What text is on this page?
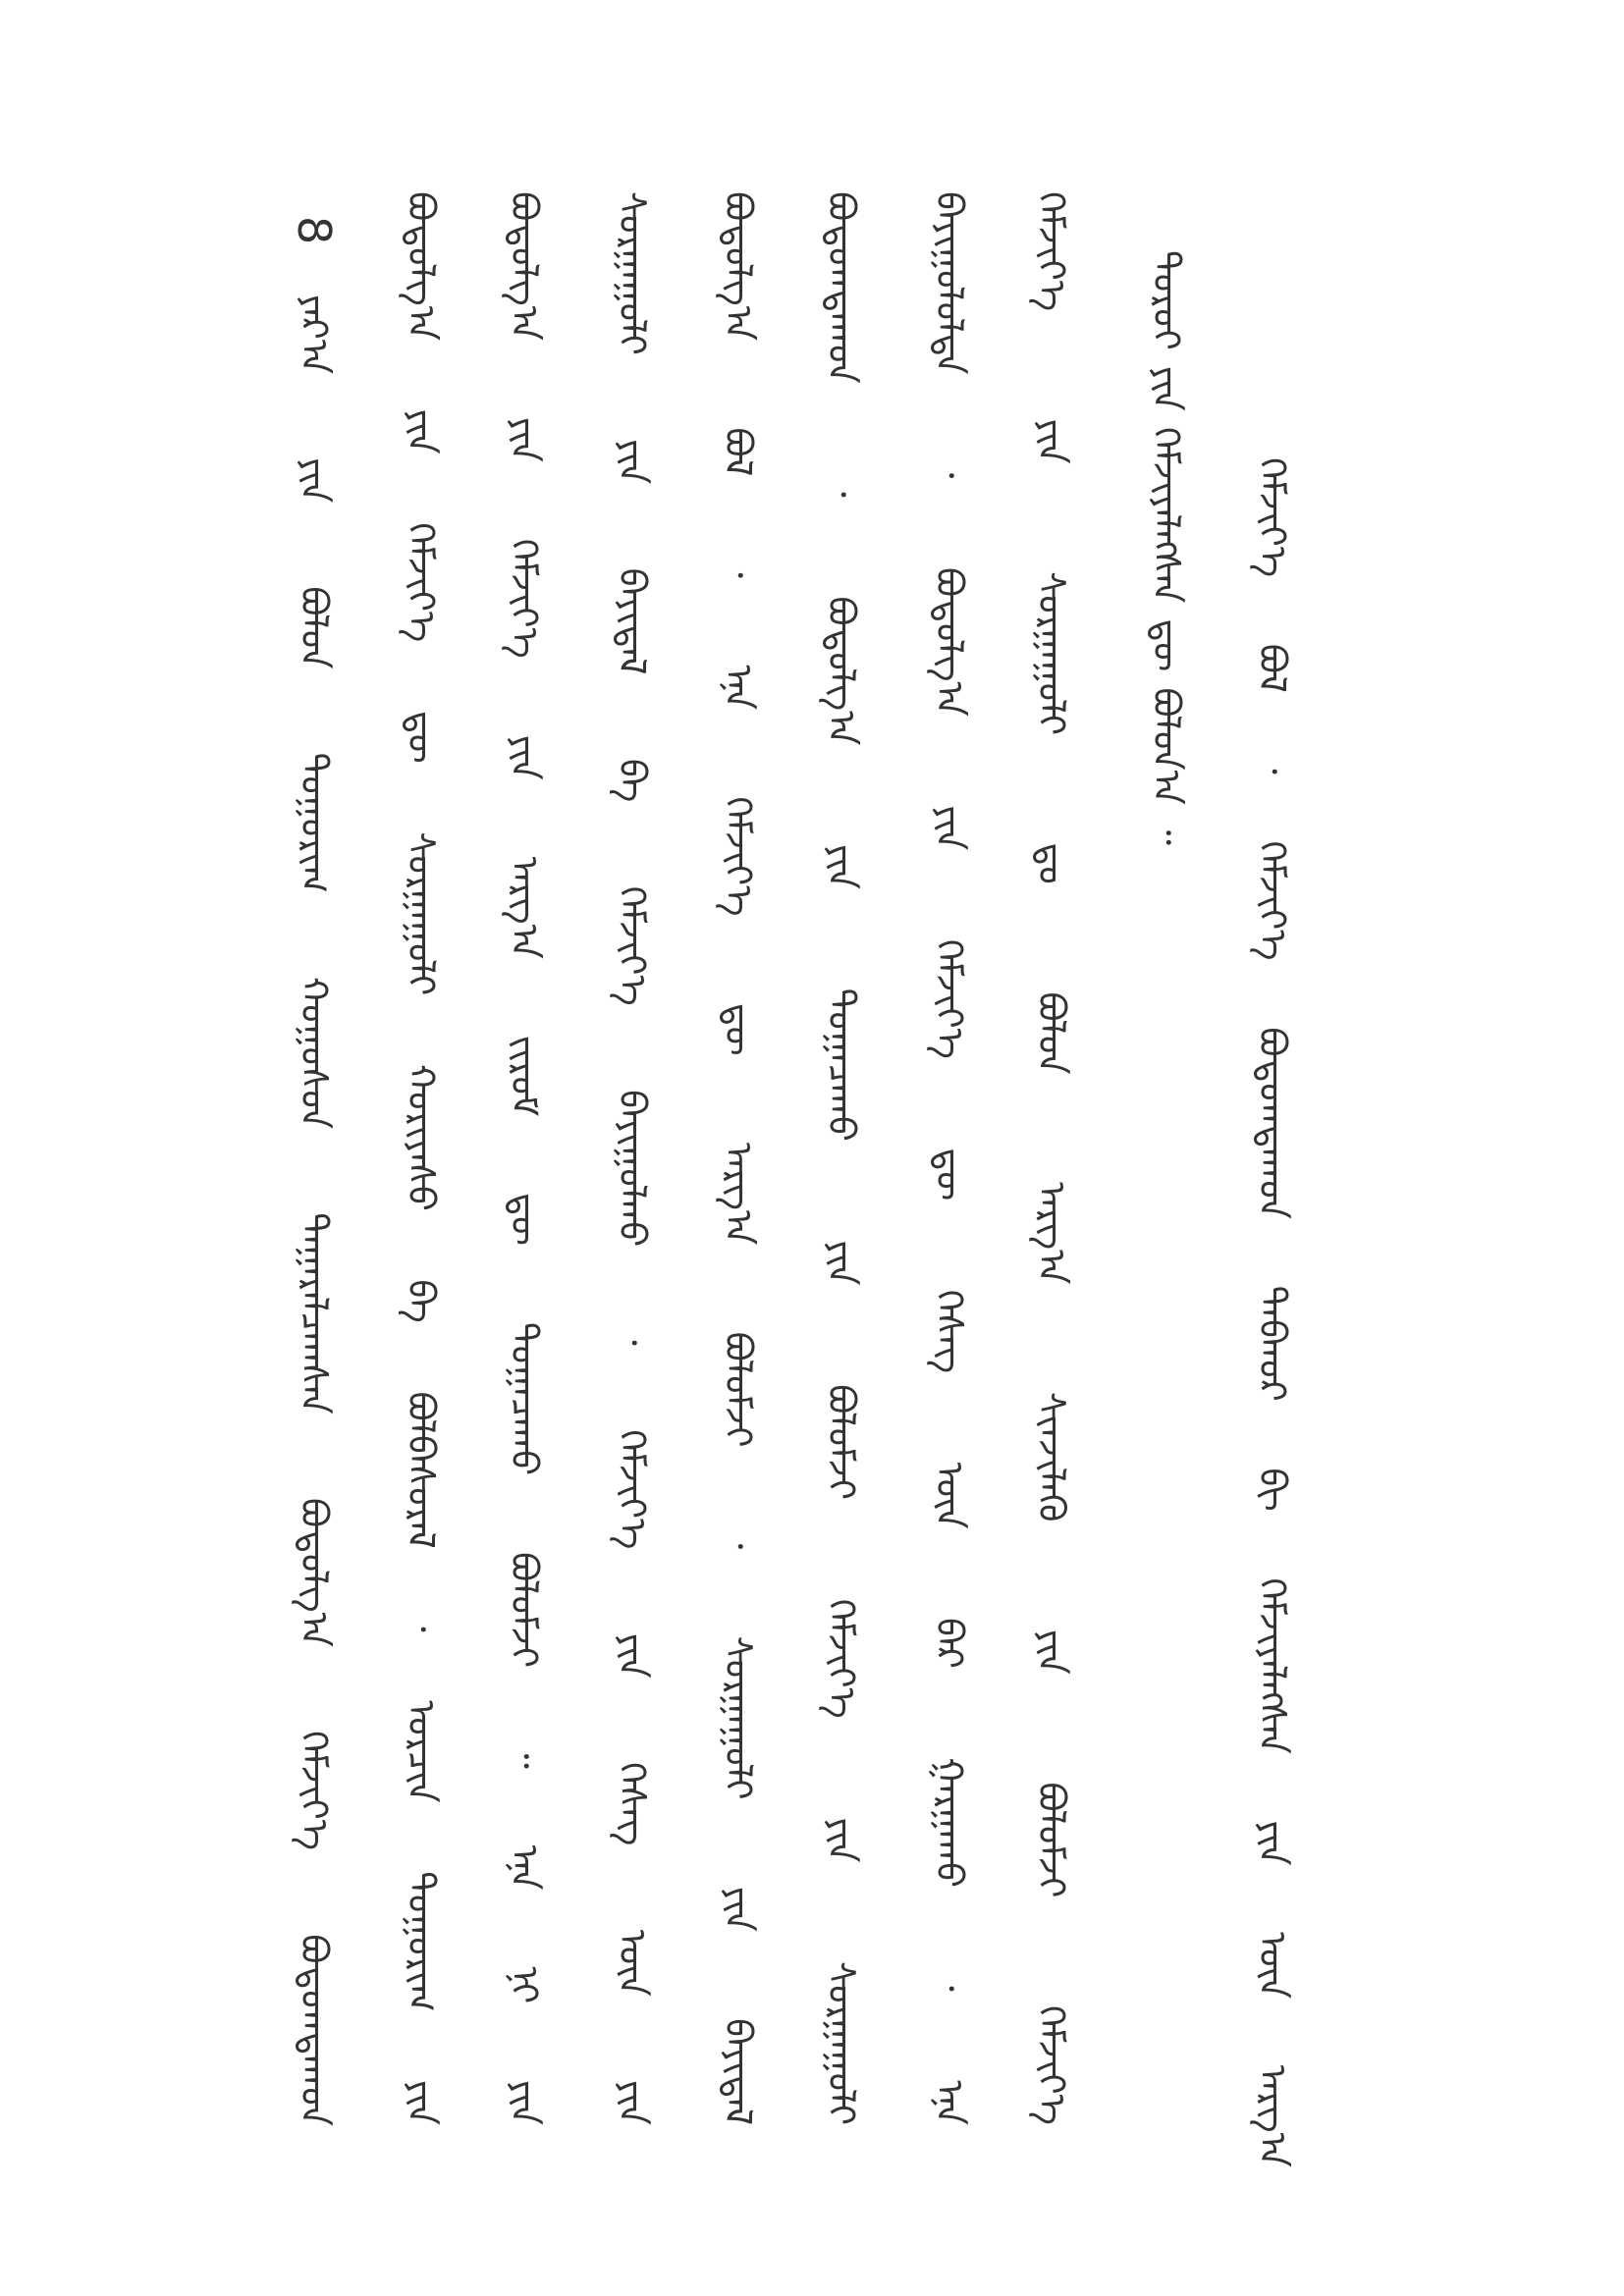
8
ᠶᠠᠷ᠎ᠠ ᠶᠢᠨ ᠪᠣᠯᠣᠨ ᠲᠣᠭᠣᠷᠢᠭ ᠬᠣᠭᠣᠰᠣᠨ ᠲᠠᠭᠠᠷᠠᠯᠴᠠᠭᠰᠠᠨ ᠪᠣᠳᠣᠯᠭ᠎ᠠ ᠬᠡᠮᠵᠢᠶ᠎ᠡ ᠪᠣᠳᠣᠭᠳᠠᠬᠤᠨ	ᠪᠣᠳᠣᠯᠭ᠎ᠠ ᠶᠢᠨ ᠬᠡᠮᠵᠢᠶ᠎ᠡ ᠳᠦ ᠰᠤᠷᠭᠠᠭᠤᠯᠢ ᠬᠣᠷᠢᠶᠠᠰᠤ ᠪᠠ ᠪᠣᠯᠪᠠᠰᠤᠷᠠᠯ ᠂ ᠣᠷᠴᠢᠨ ᠲᠣᠭᠣᠷᠢᠭ ᠶᠢᠨ	ᠪᠣᠳᠣᠯᠭ᠎ᠠ ᠶᠢᠨ ᠬᠡᠮᠵᠢᠶ᠎ᠡ ᠶᠢᠨ ᠠᠷᠭ᠎ᠠ ᠵᠢᠷᠤᠮ ᠳᠦ ᠲᠣᠭᠠᠴᠠᠬᠤ ᠪᠣᠯᠤᠮᠵᠢ ᠃ ᠡᠨᠡ ᠨᠢ ᠶᠢᠨ	ᠰᠤᠷᠭᠠᠭᠤᠯᠢ ᠶᠢᠨ ᠪᠠᠶᠢᠳᠠᠯ ᠪᠠ ᠬᠡᠮᠵᠢᠶ᠎ᠡ ᠪᠠᠶᠢᠭᠤᠯᠬᠤ ᠂ ᠬᠡᠮᠵᠢᠶ᠎ᠡ ᠶᠢᠨ ᠬᠡᠰᠡᠭ ᠦᠨ ᠶᠢᠨ	ᠪᠣᠳᠣᠯᠭ᠎ᠠ ᠪᠣᠯ ᠂ ᠡᠨᠡ ᠬᠡᠮᠵᠢᠶ᠎ᠡ ᠳᠦ ᠠᠷᠭ᠎ᠠ ᠪᠣᠯᠤᠮᠵᠢ ᠂ ᠰᠤᠷᠭᠠᠭᠤᠯᠢ ᠶᠢᠨ ᠪᠠᠶᠢᠳᠠᠯ	ᠪᠣᠳᠣᠭᠳᠠᠬᠤᠨ ᠂ ᠪᠣᠳᠣᠯᠭ᠎ᠠ ᠶᠢᠨ ᠲᠣᠭᠠᠴᠠᠬᠤ ᠶᠢᠨ ᠪᠣᠯᠤᠮᠵᠢ ᠬᠡᠮᠵᠢᠶ᠎ᠡ ᠶᠢᠨ ᠰᠤᠷᠭᠠᠭᠤᠯᠢ	ᠪᠠᠶᠢᠭᠤᠯᠤᠯᠲᠠ ᠂ ᠪᠣᠳᠣᠯᠭ᠎ᠠ ᠶᠢᠨ ᠬᠡᠮᠵᠢᠶ᠎ᠡ ᠳᠦ ᠬᠡᠰᠡᠭ ᠦᠨ ᠪᠡᠷ ᠭᠠᠷᠭᠠᠬᠤ ᠂ ᠡᠨᠡ	ᠬᠡᠮᠵᠢᠶ᠎ᠡ ᠶᠢᠨ ᠰᠤᠷᠭᠠᠭᠤᠯᠢ ᠳᠤ ᠪᠣᠯᠣᠨ ᠠᠷᠭ᠎ᠠ ᠰᠢᠨᠵᠢᠯᠡᠬᠦ ᠶᠢᠨ ᠪᠣᠯᠤᠮᠵᠢ ᠬᠡᠮᠵᠢᠶ᠎ᠡ	ᠳᠣᠷᠣᠢ ᠶᠢᠨ ᠬᠡᠮᠵᠢᠶᠡᠯᠡᠭᠰᠡᠨ ᠳᠦ ᠪᠣᠯᠤᠨ᠎ᠠ ᠃	ᠬᠡᠮᠵᠢᠶ᠎ᠡ ᠪᠣᠯ ᠂ ᠬᠡᠮᠵᠢᠶ᠎ᠡ ᠪᠣᠳᠣᠭᠳᠠᠬᠤᠨ ᠳᠠᠪᠬᠤᠷ ᠪᠢ ᠬᠡᠮᠵᠢᠶᠡᠯᠡᠭᠰᠡᠨ ᠶᠢᠨ ᠦᠨ ᠠᠷᠭ᠎ᠠ
